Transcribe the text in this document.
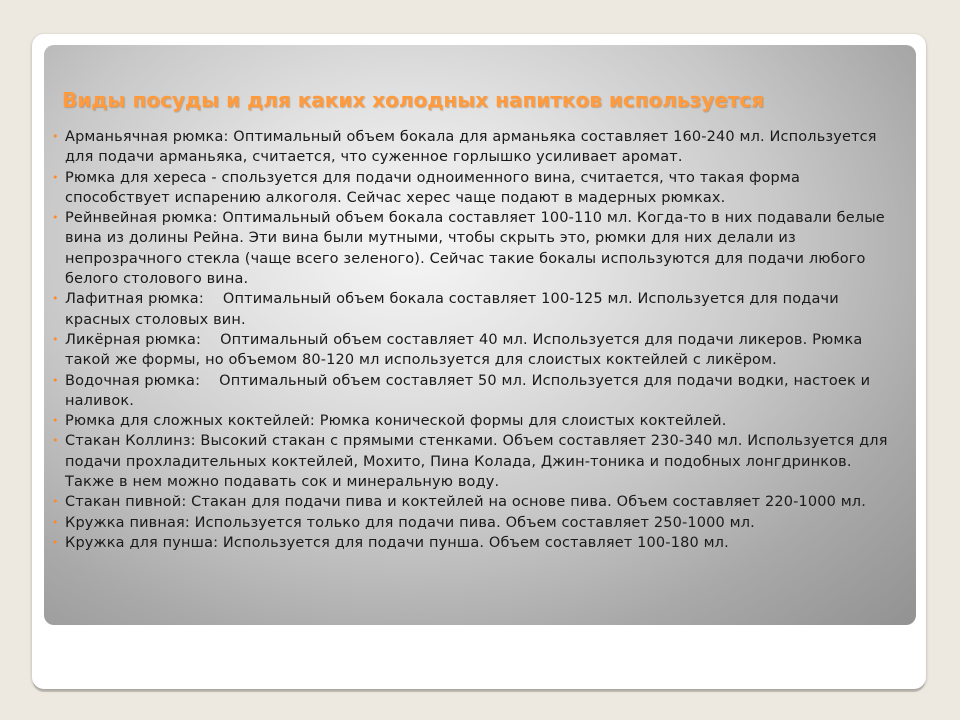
Виды посуды и для каких холодных напитков используется
• Арманьячная рюмка: Оптимальный объем бокала для арманьяка составляет 160-240 мл. Используется для подачи арманьяка, считается, что суженное горлышко усиливает аромат.
• Рюмка для хереса - спользуется для подачи одноименного вина, считается, что такая форма способствует испарению алкоголя. Сейчас херес чаще подают в мадерных рюмках.
• Рейнвейная рюмка: Оптимальный объем бокала составляет 100-110 мл. Когда-то в них подавали белые вина из долины Рейна. Эти вина были мутными, чтобы скрыть это, рюмки для них делали из непрозрачного стекла (чаще всего зеленого). Сейчас такие бокалы используются для подачи любого белого столового вина.
• Лафитная рюмка:    Оптимальный объем бокала составляет 100-125 мл. Используется для подачи красных столовых вин.
• Ликёрная рюмка:    Оптимальный объем составляет 40 мл. Используется для подачи ликеров. Рюмка такой же формы, но объемом 80-120 мл используется для слоистых коктейлей с ликёром.
• Водочная рюмка:    Оптимальный объем составляет 50 мл. Используется для подачи водки, настоек и наливок.
• Рюмка для сложных коктейлей: Рюмка конической формы для слоистых коктейлей.
• Стакан Коллинз: Высокий стакан с прямыми стенками. Объем составляет 230-340 мл. Используется для подачи прохладительных коктейлей, Мохито, Пина Колада, Джин-тоника и подобных лонгдринков. Также в нем можно подавать сок и минеральную воду.
• Стакан пивной: Стакан для подачи пива и коктейлей на основе пива. Объем составляет 220-1000 мл.
• Кружка пивная: Используется только для подачи пива. Объем составляет 250-1000 мл.
• Кружка для пунша: Используется для подачи пунша. Объем составляет 100-180 мл.
